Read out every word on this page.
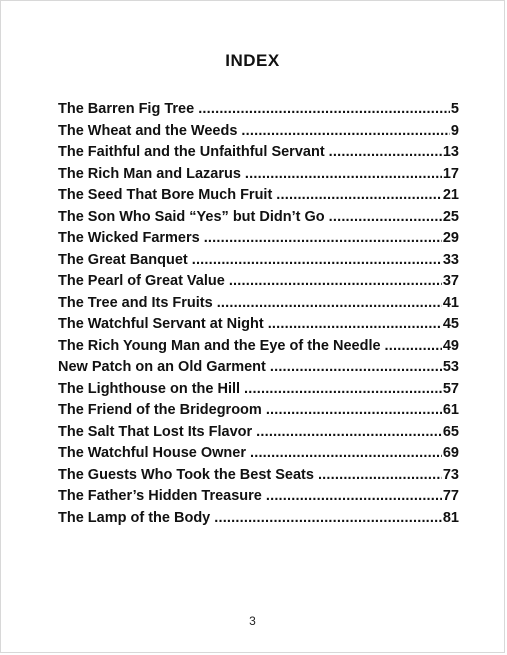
INDEX
The Barren Fig Tree .....	5
The Wheat and the Weeds .....	9
The Faithful and the Unfaithful Servant .....	13
The Rich Man and Lazarus .....	17
The Seed That Bore Much Fruit .....	21
The Son Who Said “Yes” but Didn’t Go .....	25
The Wicked Farmers .....	29
The Great Banquet .....	33
The Pearl of Great Value .....	37
The Tree and Its Fruits .....	41
The Watchful Servant at Night .....	45
The Rich Young Man and the Eye of the Needle .....	49
New Patch on an Old Garment .....	53
The Lighthouse on the Hill .....	57
The Friend of the Bridegroom .....	61
The Salt That Lost Its Flavor .....	65
The Watchful House Owner .....	69
The Guests Who Took the Best Seats .....	73
The Father’s Hidden Treasure .....	77
The Lamp of the Body .....	81
3
